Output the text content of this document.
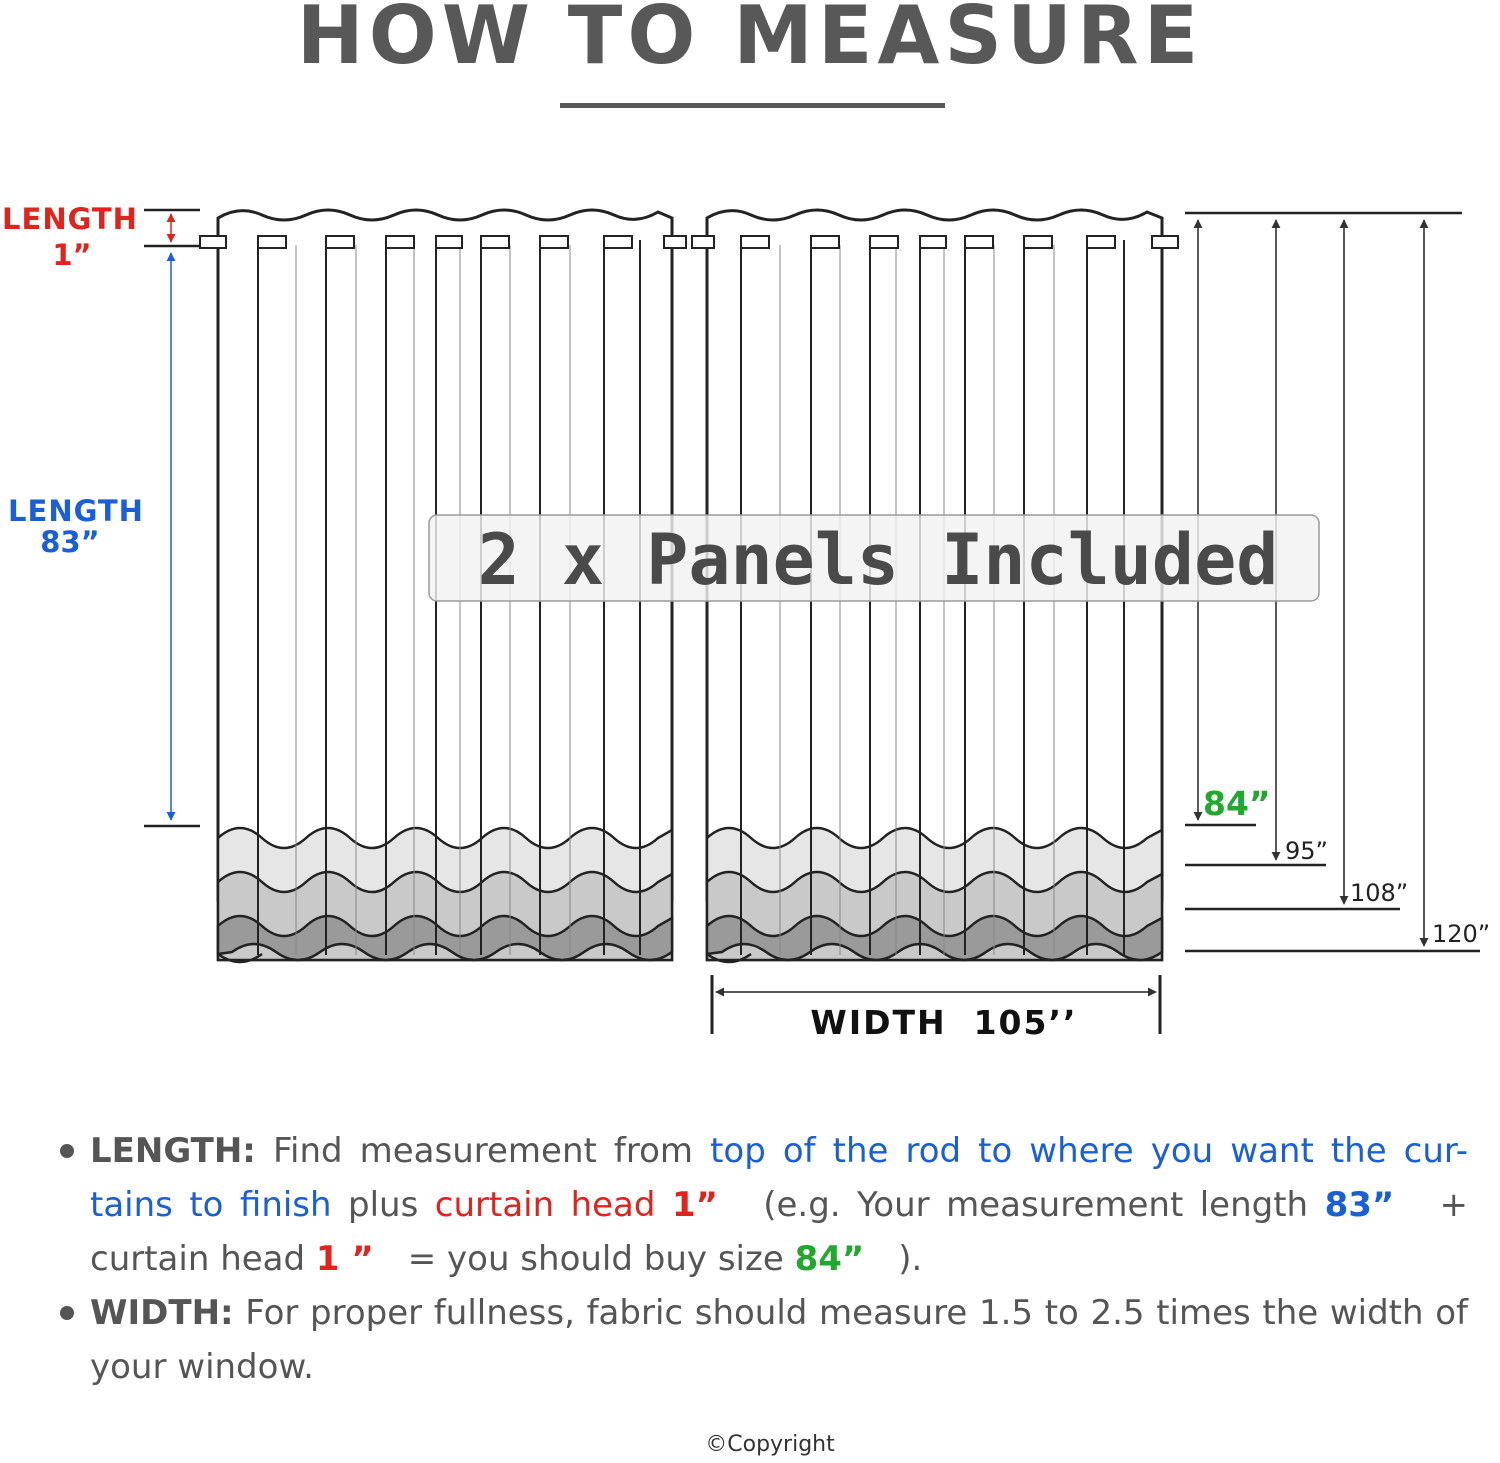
HOW TO MEASURE
LENGTH
1”
LENGTH
83”
84”
95”
108”
120”
WIDTH  105’’
2 x Panels Included
LENGTH: Find measurement from top of the rod to where you want the cur-tains to finish plus curtain head 1”　(e.g. Your measurement length 83”　+ curtain head 1 ”　= you should buy size 84”　).　
WIDTH: For proper fullness, fabric should measure 1.5 to 2.5 times the width of your window.
©Copyright
